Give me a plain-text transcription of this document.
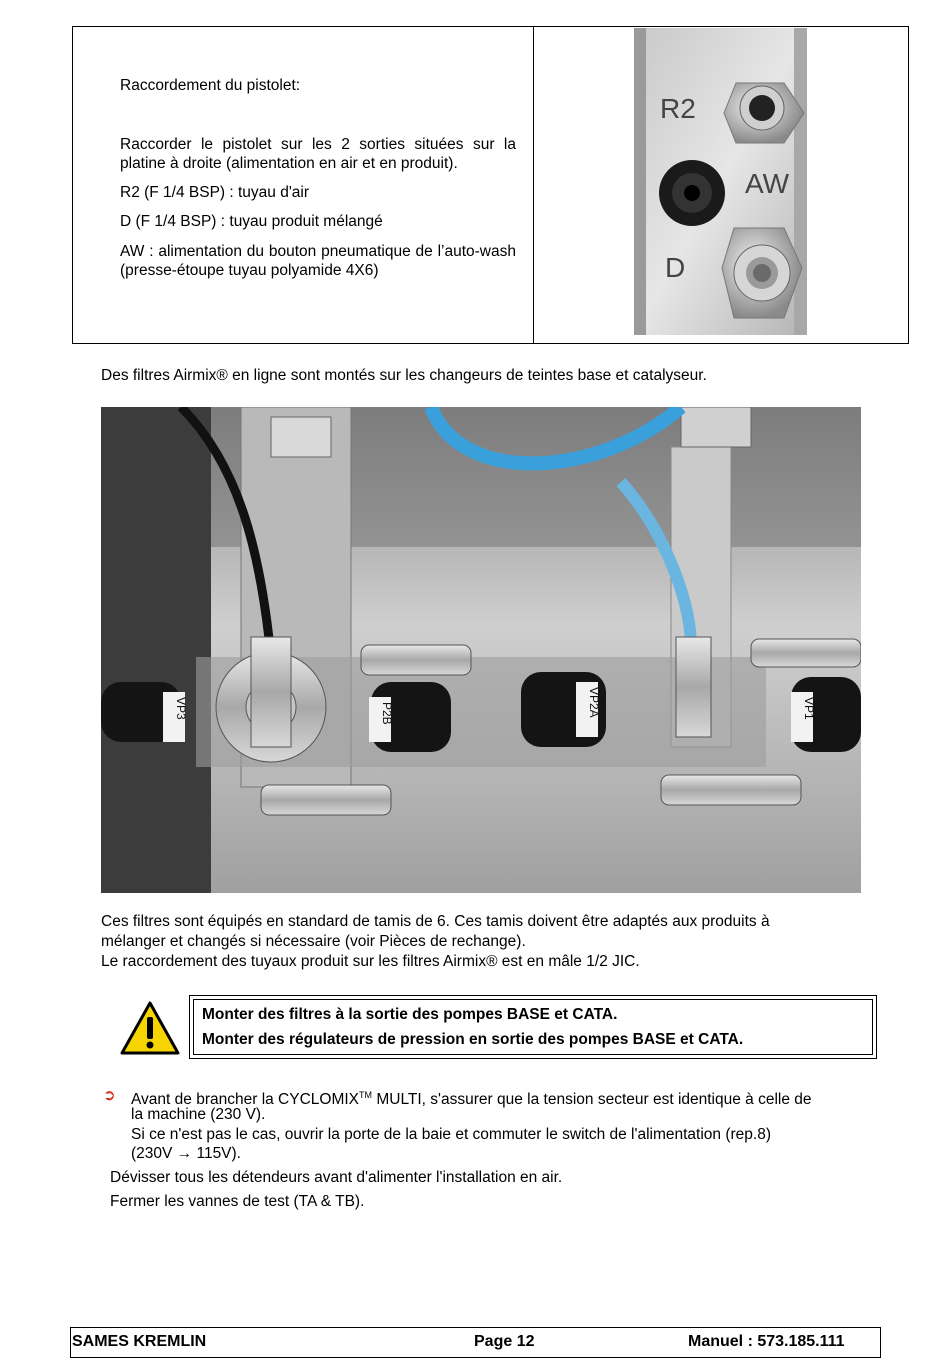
Raccordement du pistolet:
Raccorder le pistolet sur les 2 sorties situées sur la platine à droite (alimentation en air et en produit).
R2 (F 1/4 BSP) : tuyau d'air
D (F 1/4 BSP) : tuyau produit mélangé
AW : alimentation du bouton pneumatique de l’auto-wash (presse-étoupe tuyau polyamide 4X6)
R2
AW
D
Des filtres Airmix® en ligne sont montés sur les changeurs de teintes base et catalyseur.
VP3	P2B	VP2A	VP1
Ces filtres sont équipés en standard de tamis de 6. Ces tamis doivent être adaptés aux produits à
mélanger et changés si nécessaire (voir Pièces de rechange).
Le raccordement des tuyaux produit sur les filtres Airmix® est en mâle 1/2 JIC.
Monter des filtres à la sortie des pompes BASE et CATA.
Monter des régulateurs de pression en sortie des pompes BASE et CATA.
➲ Avant de brancher la CYCLOMIX™ MULTI, s'assurer que la tension secteur est identique à celle de
la machine (230 V).
Si ce n'est pas le cas, ouvrir la porte de la baie et commuter le switch de l'alimentation (rep.8)
(230V → 115V).
Dévisser tous les détendeurs avant d'alimenter l'installation en air.
Fermer les vannes de test (TA & TB).
SAMES KREMLIN	Page 12	Manuel : 573.185.111
